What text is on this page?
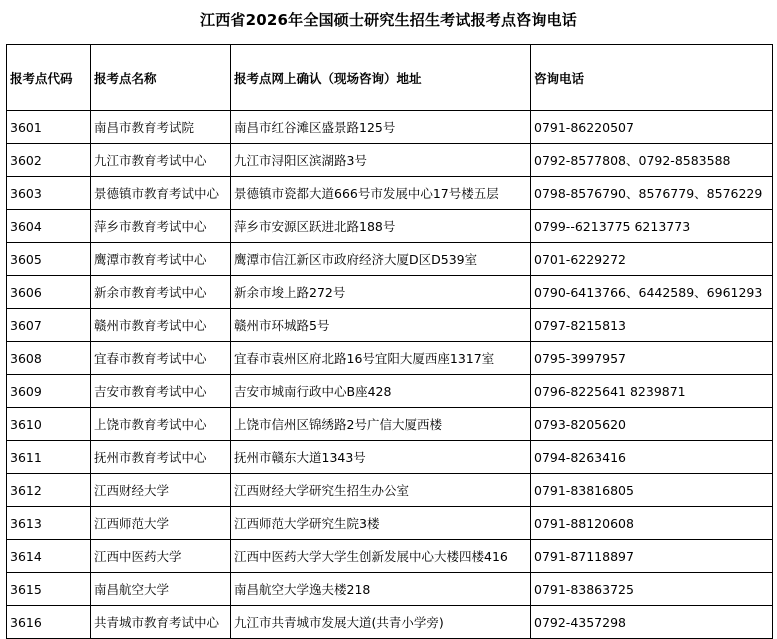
江西省2026年全国硕士研究生招生考试报考点咨询电话
报考点代码	报考点名称	报考点网上确认（现场咨询）地址	咨询电话
3601	南昌市教育考试院	南昌市红谷滩区盛景路125号	0791-86220507
3602	九江市教育考试中心	九江市浔阳区滨湖路3号	0792-8577808、0792-8583588
3603	景德镇市教育考试中心	景德镇市瓷都大道666号市发展中心17号楼五层	0798-8576790、8576779、8576229
3604	萍乡市教育考试中心	萍乡市安源区跃进北路188号	0799--6213775 6213773
3605	鹰潭市教育考试中心	鹰潭市信江新区市政府经济大厦D区D539室	0701-6229272
3606	新余市教育考试中心	新余市埈上路272号	0790-6413766、6442589、6961293
3607	赣州市教育考试中心	赣州市环城路5号	0797-8215813
3608	宜春市教育考试中心	宜春市袁州区府北路16号宜阳大厦西座1317室	0795-3997957
3609	吉安市教育考试中心	吉安市城南行政中心B座428	0796-8225641 8239871
3610	上饶市教育考试中心	上饶市信州区锦绣路2号广信大厦西楼	0793-8205620
3611	抚州市教育考试中心	抚州市赣东大道1343号	0794-8263416
3612	江西财经大学	江西财经大学研究生招生办公室	0791-83816805
3613	江西师范大学	江西师范大学研究生院3楼	0791-88120608
3614	江西中医药大学	江西中医药大学大学生创新发展中心大楼四楼416	0791-87118897
3615	南昌航空大学	南昌航空大学逸夫楼218	0791-83863725
3616	共青城市教育考试中心	九江市共青城市发展大道(共青小学旁)	0792-4357298
